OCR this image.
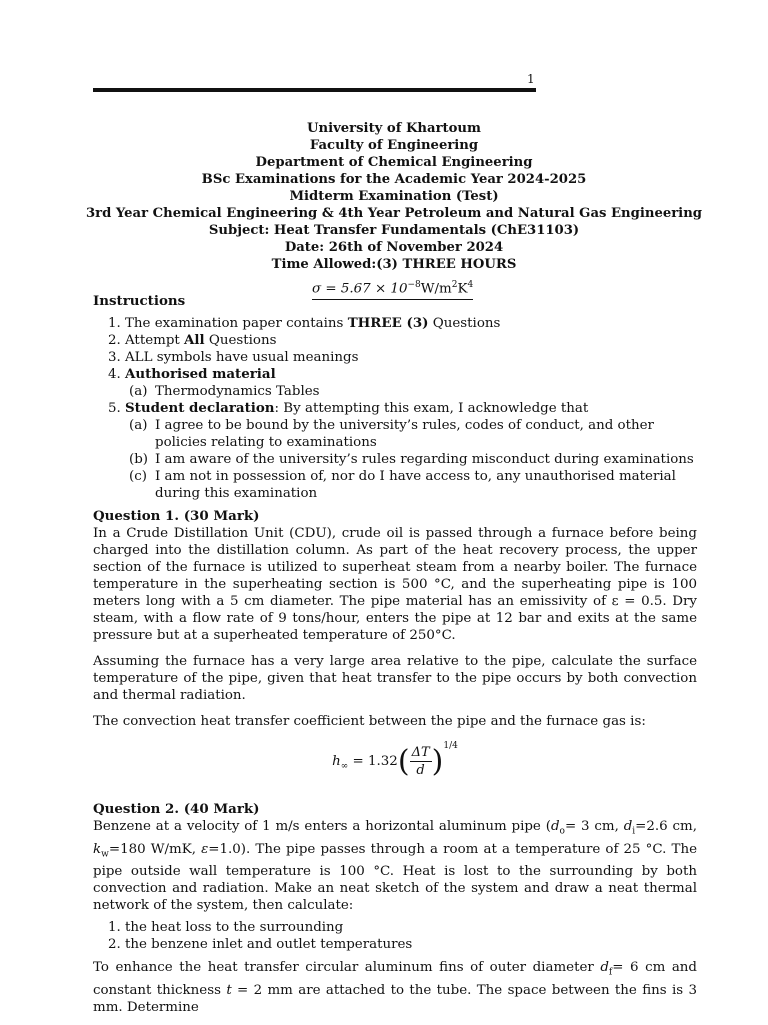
1
University of Khartoum
Faculty of Engineering
Department of Chemical Engineering
BSc Examinations for the Academic Year 2024-2025
Midterm Examination (Test)
3rd Year Chemical Engineering & 4th Year Petroleum and Natural Gas Engineering
Subject: Heat Transfer Fundamentals (ChE31103)
Date: 26th of November 2024
Time Allowed:(3) THREE HOURS
$\sigma = 5.67 \times 10^{-8}W/m^2K^4$
Instructions
1. The examination paper contains THREE (3) Questions
2. Attempt All Questions
3. ALL symbols have usual meanings
4. Authorised material
(a) Thermodynamics Tables
5. Student declaration: By attempting this exam, I acknowledge that
(a) I agree to be bound by the university’s rules, codes of conduct, and other policies relating to examinations
(b) I am aware of the university’s rules regarding misconduct during examinations
(c) I am not in possession of, nor do I have access to, any unauthorised material during this examination
Question 1. (30 Mark)

In a Crude Distillation Unit (CDU), crude oil is passed through a furnace before being charged into the distillation column. As part of the heat recovery process, the upper section of the furnace is utilized to superheat steam from a nearby boiler. The furnace temperature in the superheating section is 500 °C, and the superheating pipe is 100 meters long with a 5 cm diameter. The pipe material has an emissivity of ε = 0.5. Dry steam, with a flow rate of 9 tons/hour, enters the pipe at 12 bar and exits at the same pressure but at a superheated temperature of 250°C.

Assuming the furnace has a very large area relative to the pipe, calculate the surface temperature of the pipe, given that heat transfer to the pipe occurs by both convection and thermal radiation.

The convection heat transfer coefficient between the pipe and the furnace gas is:

$h_\infty = 1.32( \frac{\Delta T}{d} )^{1/4}$
Question 2. (40 Mark)

Benzene at a velocity of 1 m/s enters a horizontal aluminum pipe ($d_o= 3$ cm, $d_i=2.6$ cm, $k_w=180$ W/mK, ε=1.0). The pipe passes through a room at a temperature of 25 °C. The pipe outside wall temperature is 100 °C. Heat is lost to the surrounding by both convection and radiation. Make an neat sketch of the system and draw a neat thermal network of the system, then calculate:

1. the heat loss to the surrounding
2. the benzene inlet and outlet temperatures

To enhance the heat transfer circular aluminum fins of outer diameter $d_f= 6$ cm and constant thickness t = 2 mm are attached to the tube. The space between the fins is 3 mm. Determine
